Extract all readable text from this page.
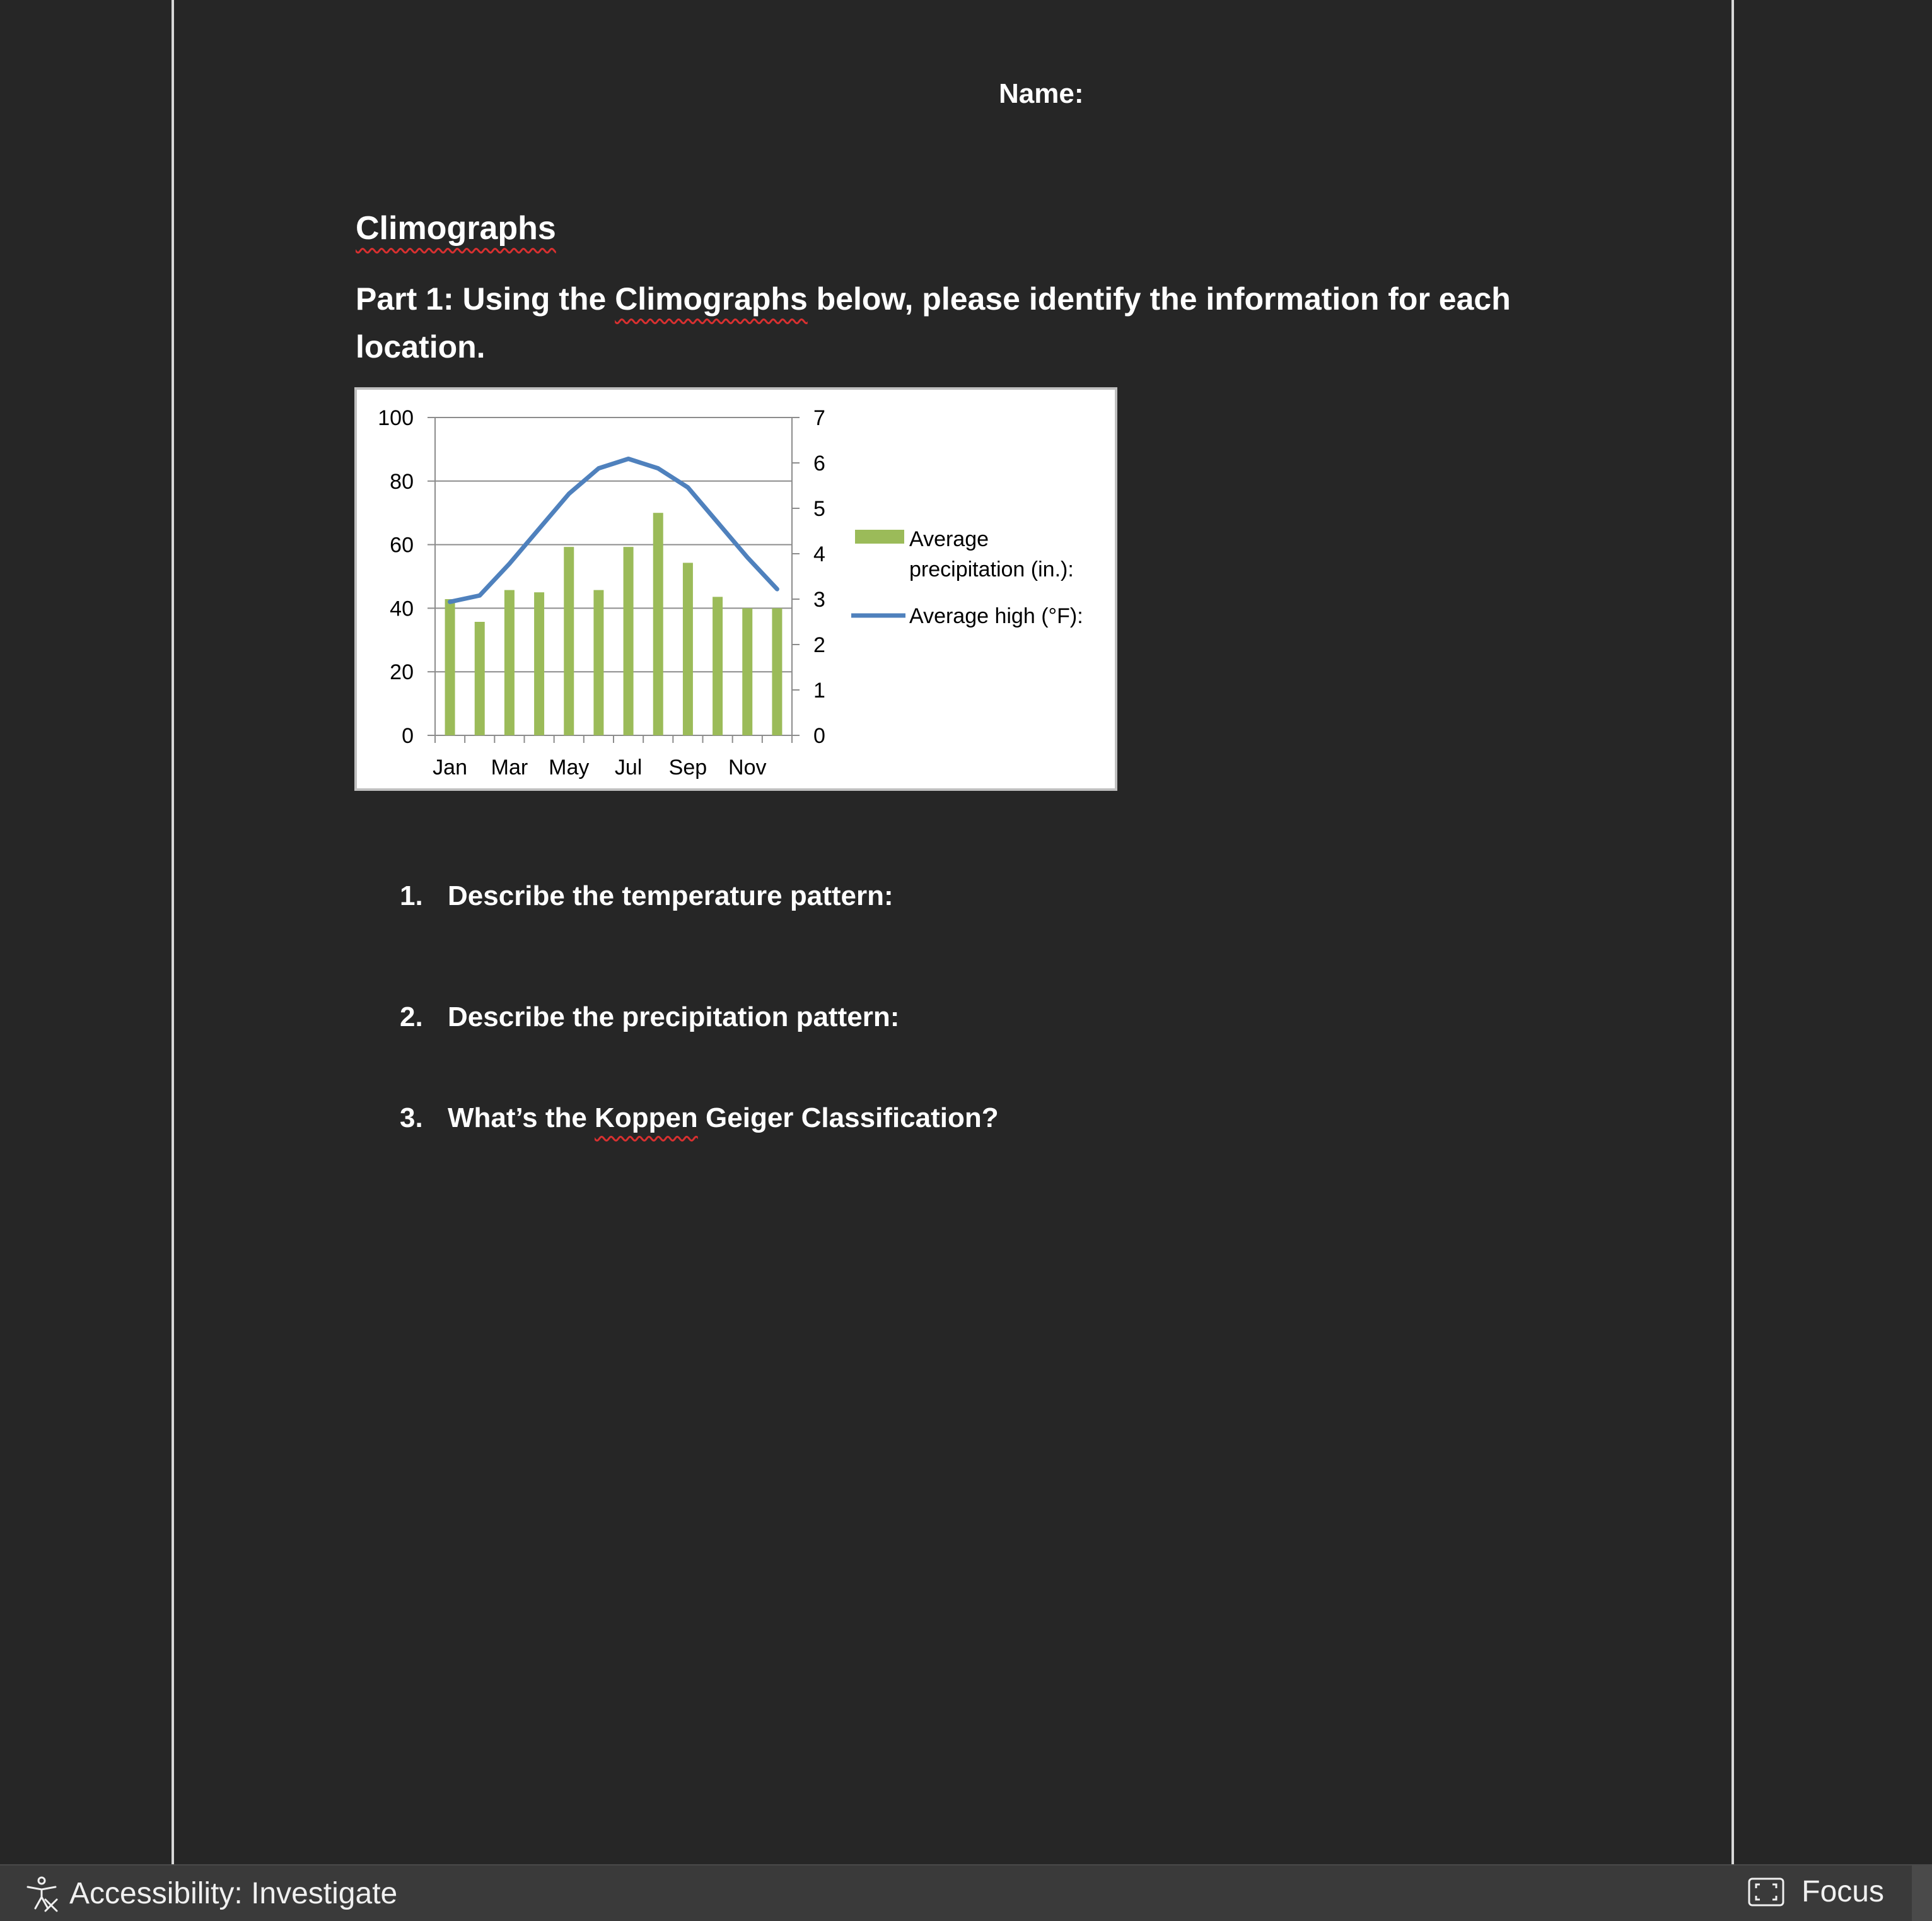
Name:
Climographs
Part 1: Using the Climographs below, please identify the information for each location.
0
20
40
60
80
100
0
1
2
3
4
5
6
7
Jan Mar May Jul Sep Nov
Average
precipitation (in.):
Average high (°F):
1. Describe the temperature pattern:
2. Describe the precipitation pattern:
3. What’s the Koppen Geiger Classification?
Accessibility: Investigate	Focus
